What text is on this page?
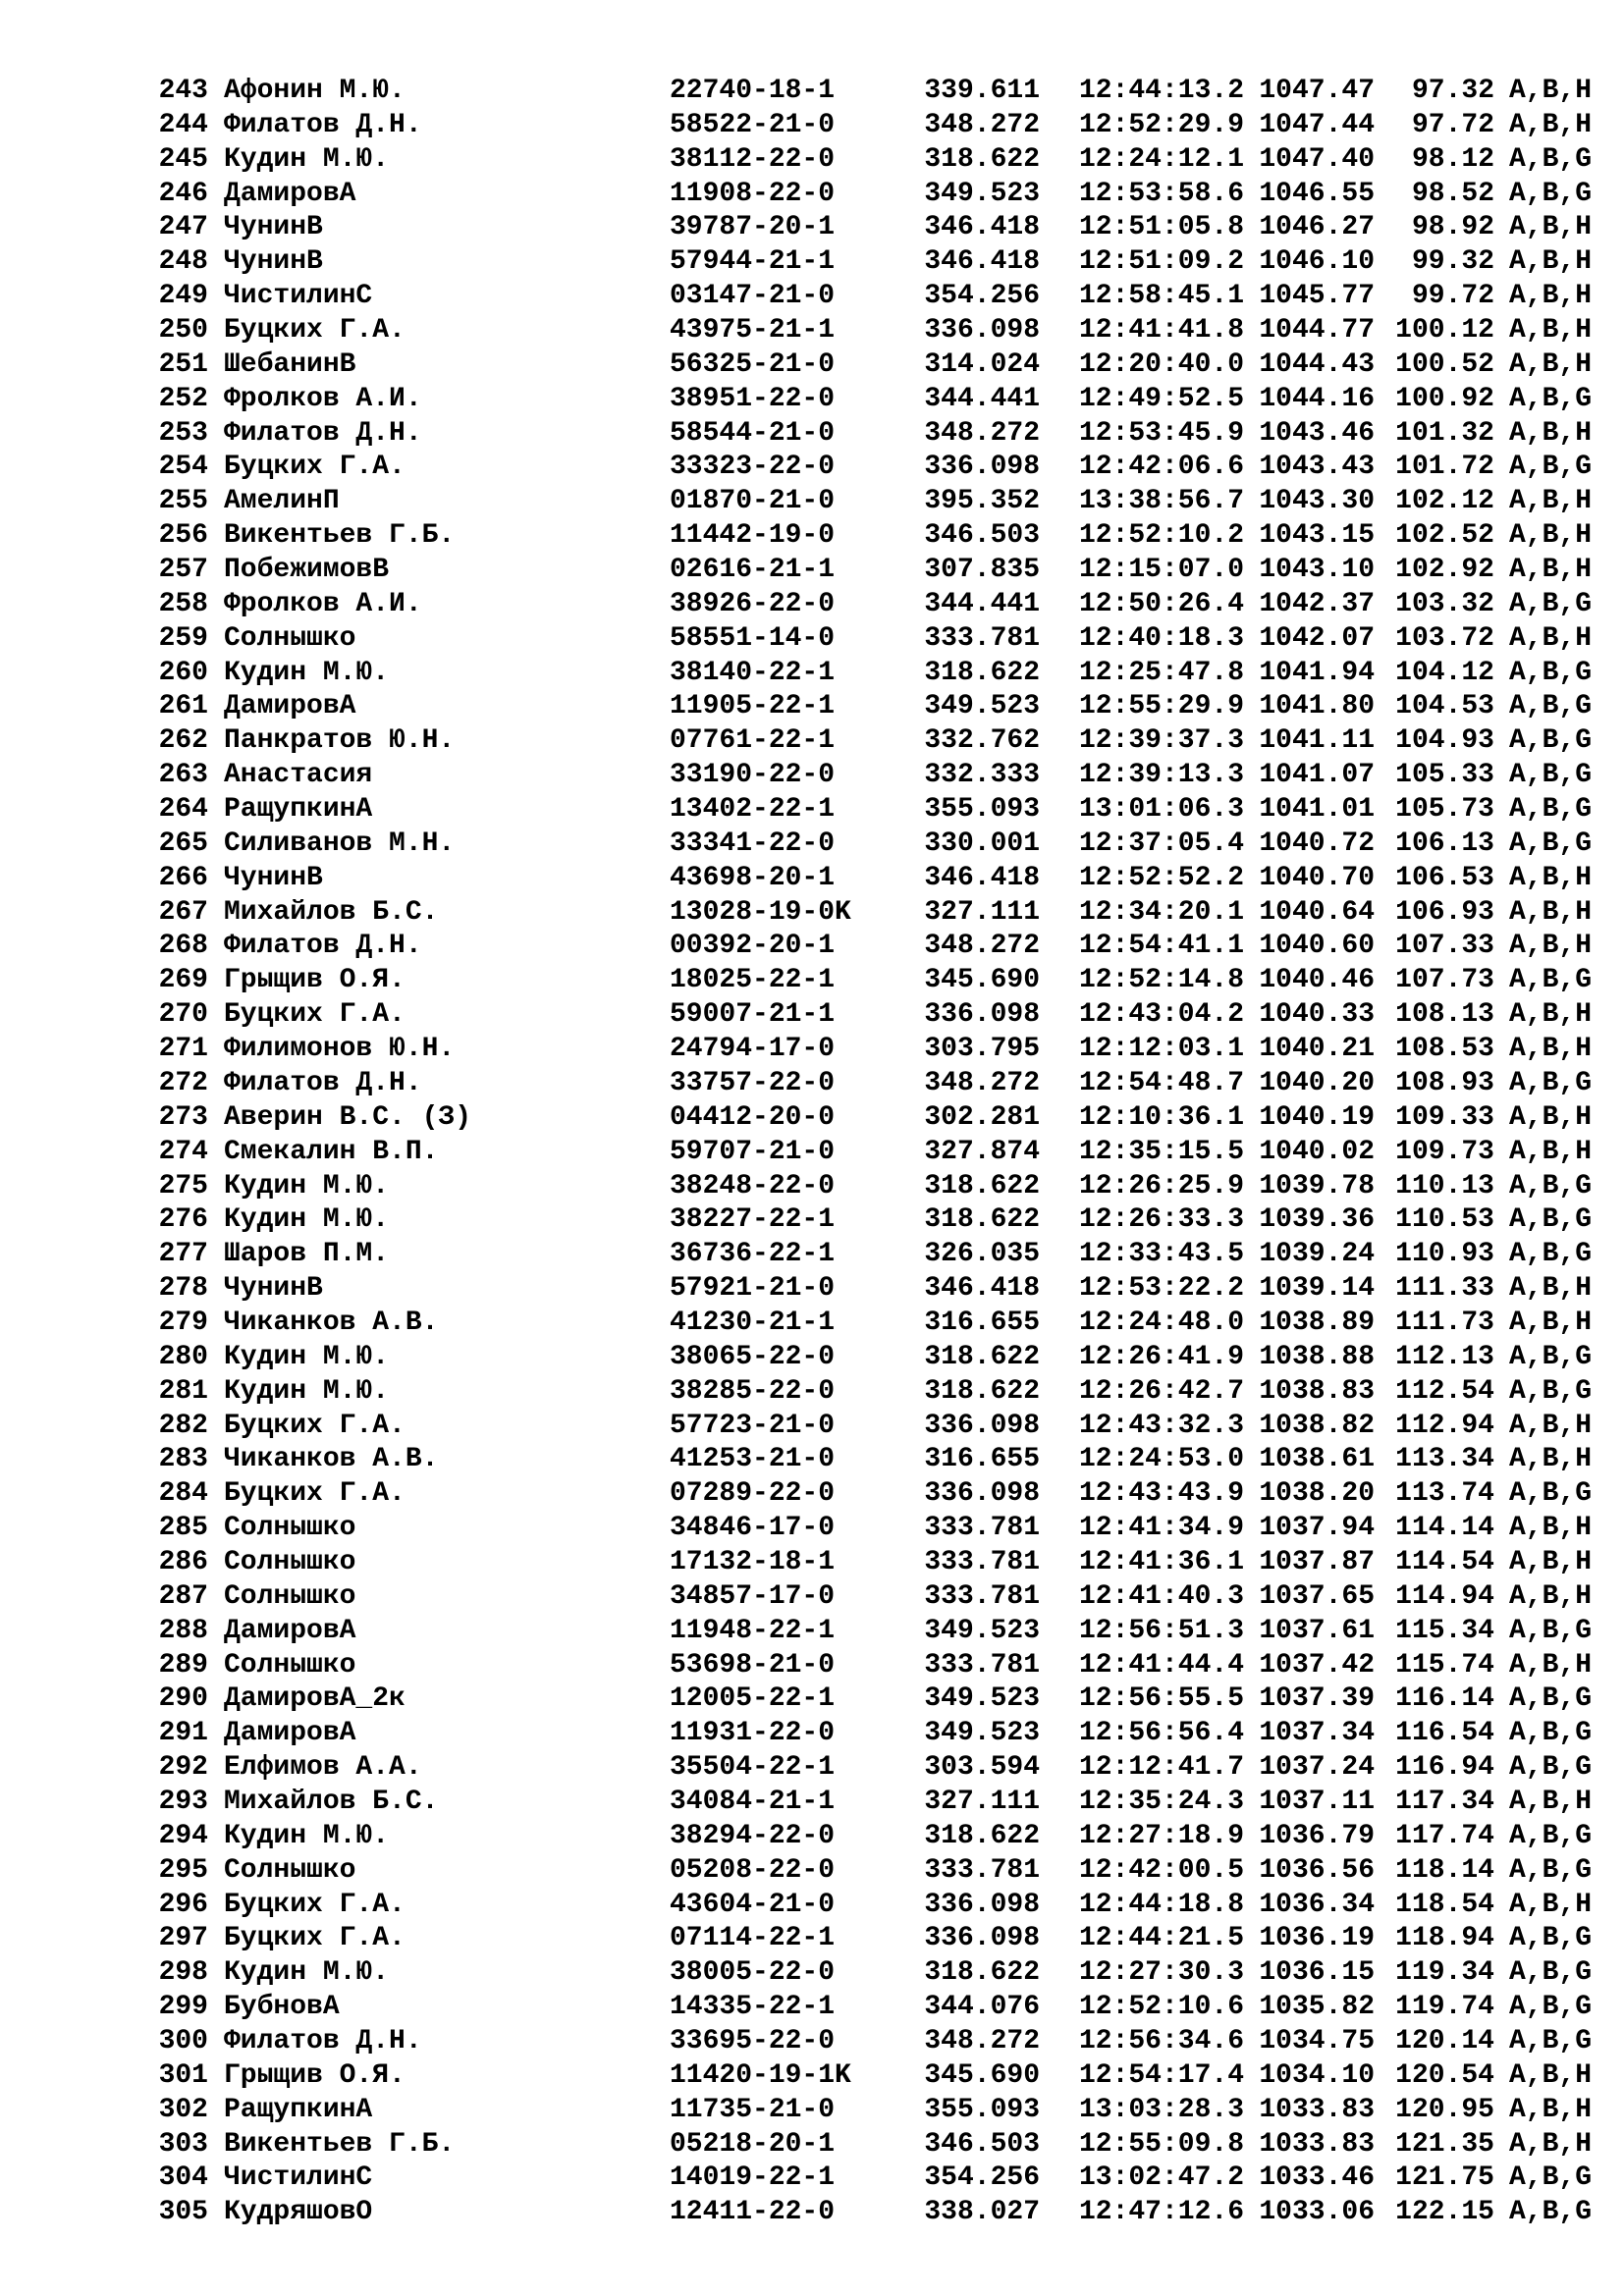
243 Афонин М.Ю.	22740-18-1	339.611	12:44:13.2 1047.47	97.32 A,B,H
244 Филатов Д.Н.	58522-21-0	348.272	12:52:29.9 1047.44	97.72 A,B,H
245 Кудин М.Ю.	38112-22-0	318.622	12:24:12.1 1047.40	98.12 A,B,G
246 ДамировА	11908-22-0	349.523	12:53:58.6 1046.55	98.52 A,B,G
247 ЧунинВ	39787-20-1	346.418	12:51:05.8 1046.27	98.92 A,B,H
248 ЧунинВ	57944-21-1	346.418	12:51:09.2 1046.10	99.32 A,B,H
249 ЧистилинС	03147-21-0	354.256	12:58:45.1 1045.77	99.72 A,B,H
250 Буцких Г.А.	43975-21-1	336.098	12:41:41.8 1044.77 100.12 A,B,H
251 ШебанинВ	56325-21-0	314.024	12:20:40.0 1044.43 100.52 A,B,H
252 Фролков А.И.	38951-22-0	344.441	12:49:52.5 1044.16 100.92 A,B,G
253 Филатов Д.Н.	58544-21-0	348.272	12:53:45.9 1043.46 101.32 A,B,H
254 Буцких Г.А.	33323-22-0	336.098	12:42:06.6 1043.43 101.72 A,B,G
255 АмелинП	01870-21-0	395.352	13:38:56.7 1043.30 102.12 A,B,H
256 Викентьев Г.Б.	11442-19-0	346.503	12:52:10.2 1043.15 102.52 A,B,H
257 ПобежимовВ	02616-21-1	307.835	12:15:07.0 1043.10 102.92 A,B,H
258 Фролков А.И.	38926-22-0	344.441	12:50:26.4 1042.37 103.32 A,B,G
259 Солнышко	58551-14-0	333.781	12:40:18.3 1042.07 103.72 A,B,H
260 Кудин М.Ю.	38140-22-1	318.622	12:25:47.8 1041.94 104.12 A,B,G
261 ДамировА	11905-22-1	349.523	12:55:29.9 1041.80 104.53 A,B,G
262 Панкратов Ю.Н.	07761-22-1	332.762	12:39:37.3 1041.11 104.93 A,B,G
263 Анастасия	33190-22-0	332.333	12:39:13.3 1041.07 105.33 A,B,G
264 РащупкинА	13402-22-1	355.093	13:01:06.3 1041.01 105.73 A,B,G
265 Силиванов М.Н.	33341-22-0	330.001	12:37:05.4 1040.72 106.13 A,B,G
266 ЧунинВ	43698-20-1	346.418	12:52:52.2 1040.70 106.53 A,B,H
267 Михайлов Б.С.	13028-19-0K	327.111	12:34:20.1 1040.64 106.93 A,B,H
268 Филатов Д.Н.	00392-20-1	348.272	12:54:41.1 1040.60 107.33 A,B,H
269 Грыщив О.Я.	18025-22-1	345.690	12:52:14.8 1040.46 107.73 A,B,G
270 Буцких Г.А.	59007-21-1	336.098	12:43:04.2 1040.33 108.13 A,B,H
271 Филимонов Ю.Н.	24794-17-0	303.795	12:12:03.1 1040.21 108.53 A,B,H
272 Филатов Д.Н.	33757-22-0	348.272	12:54:48.7 1040.20 108.93 A,B,G
273 Аверин В.С. (З)	04412-20-0	302.281	12:10:36.1 1040.19 109.33 A,B,H
274 Смекалин В.П.	59707-21-0	327.874	12:35:15.5 1040.02 109.73 A,B,H
275 Кудин М.Ю.	38248-22-0	318.622	12:26:25.9 1039.78 110.13 A,B,G
276 Кудин М.Ю.	38227-22-1	318.622	12:26:33.3 1039.36 110.53 A,B,G
277 Шаров П.М.	36736-22-1	326.035	12:33:43.5 1039.24 110.93 A,B,G
278 ЧунинВ	57921-21-0	346.418	12:53:22.2 1039.14 111.33 A,B,H
279 Чиканков А.В.	41230-21-1	316.655	12:24:48.0 1038.89 111.73 A,B,H
280 Кудин М.Ю.	38065-22-0	318.622	12:26:41.9 1038.88 112.13 A,B,G
281 Кудин М.Ю.	38285-22-0	318.622	12:26:42.7 1038.83 112.54 A,B,G
282 Буцких Г.А.	57723-21-0	336.098	12:43:32.3 1038.82 112.94 A,B,H
283 Чиканков А.В.	41253-21-0	316.655	12:24:53.0 1038.61 113.34 A,B,H
284 Буцких Г.А.	07289-22-0	336.098	12:43:43.9 1038.20 113.74 A,B,G
285 Солнышко	34846-17-0	333.781	12:41:34.9 1037.94 114.14 A,B,H
286 Солнышко	17132-18-1	333.781	12:41:36.1 1037.87 114.54 A,B,H
287 Солнышко	34857-17-0	333.781	12:41:40.3 1037.65 114.94 A,B,H
288 ДамировА	11948-22-1	349.523	12:56:51.3 1037.61 115.34 A,B,G
289 Солнышко	53698-21-0	333.781	12:41:44.4 1037.42 115.74 A,B,H
290 ДамировА_2к	12005-22-1	349.523	12:56:55.5 1037.39 116.14 A,B,G
291 ДамировА	11931-22-0	349.523	12:56:56.4 1037.34 116.54 A,B,G
292 Елфимов А.А.	35504-22-1	303.594	12:12:41.7 1037.24 116.94 A,B,G
293 Михайлов Б.С.	34084-21-1	327.111	12:35:24.3 1037.11 117.34 A,B,H
294 Кудин М.Ю.	38294-22-0	318.622	12:27:18.9 1036.79 117.74 A,B,G
295 Солнышко	05208-22-0	333.781	12:42:00.5 1036.56 118.14 A,B,G
296 Буцких Г.А.	43604-21-0	336.098	12:44:18.8 1036.34 118.54 A,B,H
297 Буцких Г.А.	07114-22-1	336.098	12:44:21.5 1036.19 118.94 A,B,G
298 Кудин М.Ю.	38005-22-0	318.622	12:27:30.3 1036.15 119.34 A,B,G
299 БубновА	14335-22-1	344.076	12:52:10.6 1035.82 119.74 A,B,G
300 Филатов Д.Н.	33695-22-0	348.272	12:56:34.6 1034.75 120.14 A,B,G
301 Грыщив О.Я.	11420-19-1K	345.690	12:54:17.4 1034.10 120.54 A,B,H
302 РащупкинА	11735-21-0	355.093	13:03:28.3 1033.83 120.95 A,B,H
303 Викентьев Г.Б.	05218-20-1	346.503	12:55:09.8 1033.83 121.35 A,B,H
304 ЧистилинС	14019-22-1	354.256	13:02:47.2 1033.46 121.75 A,B,G
305 КудряшовО	12411-22-0	338.027	12:47:12.6 1033.06 122.15 A,B,G
